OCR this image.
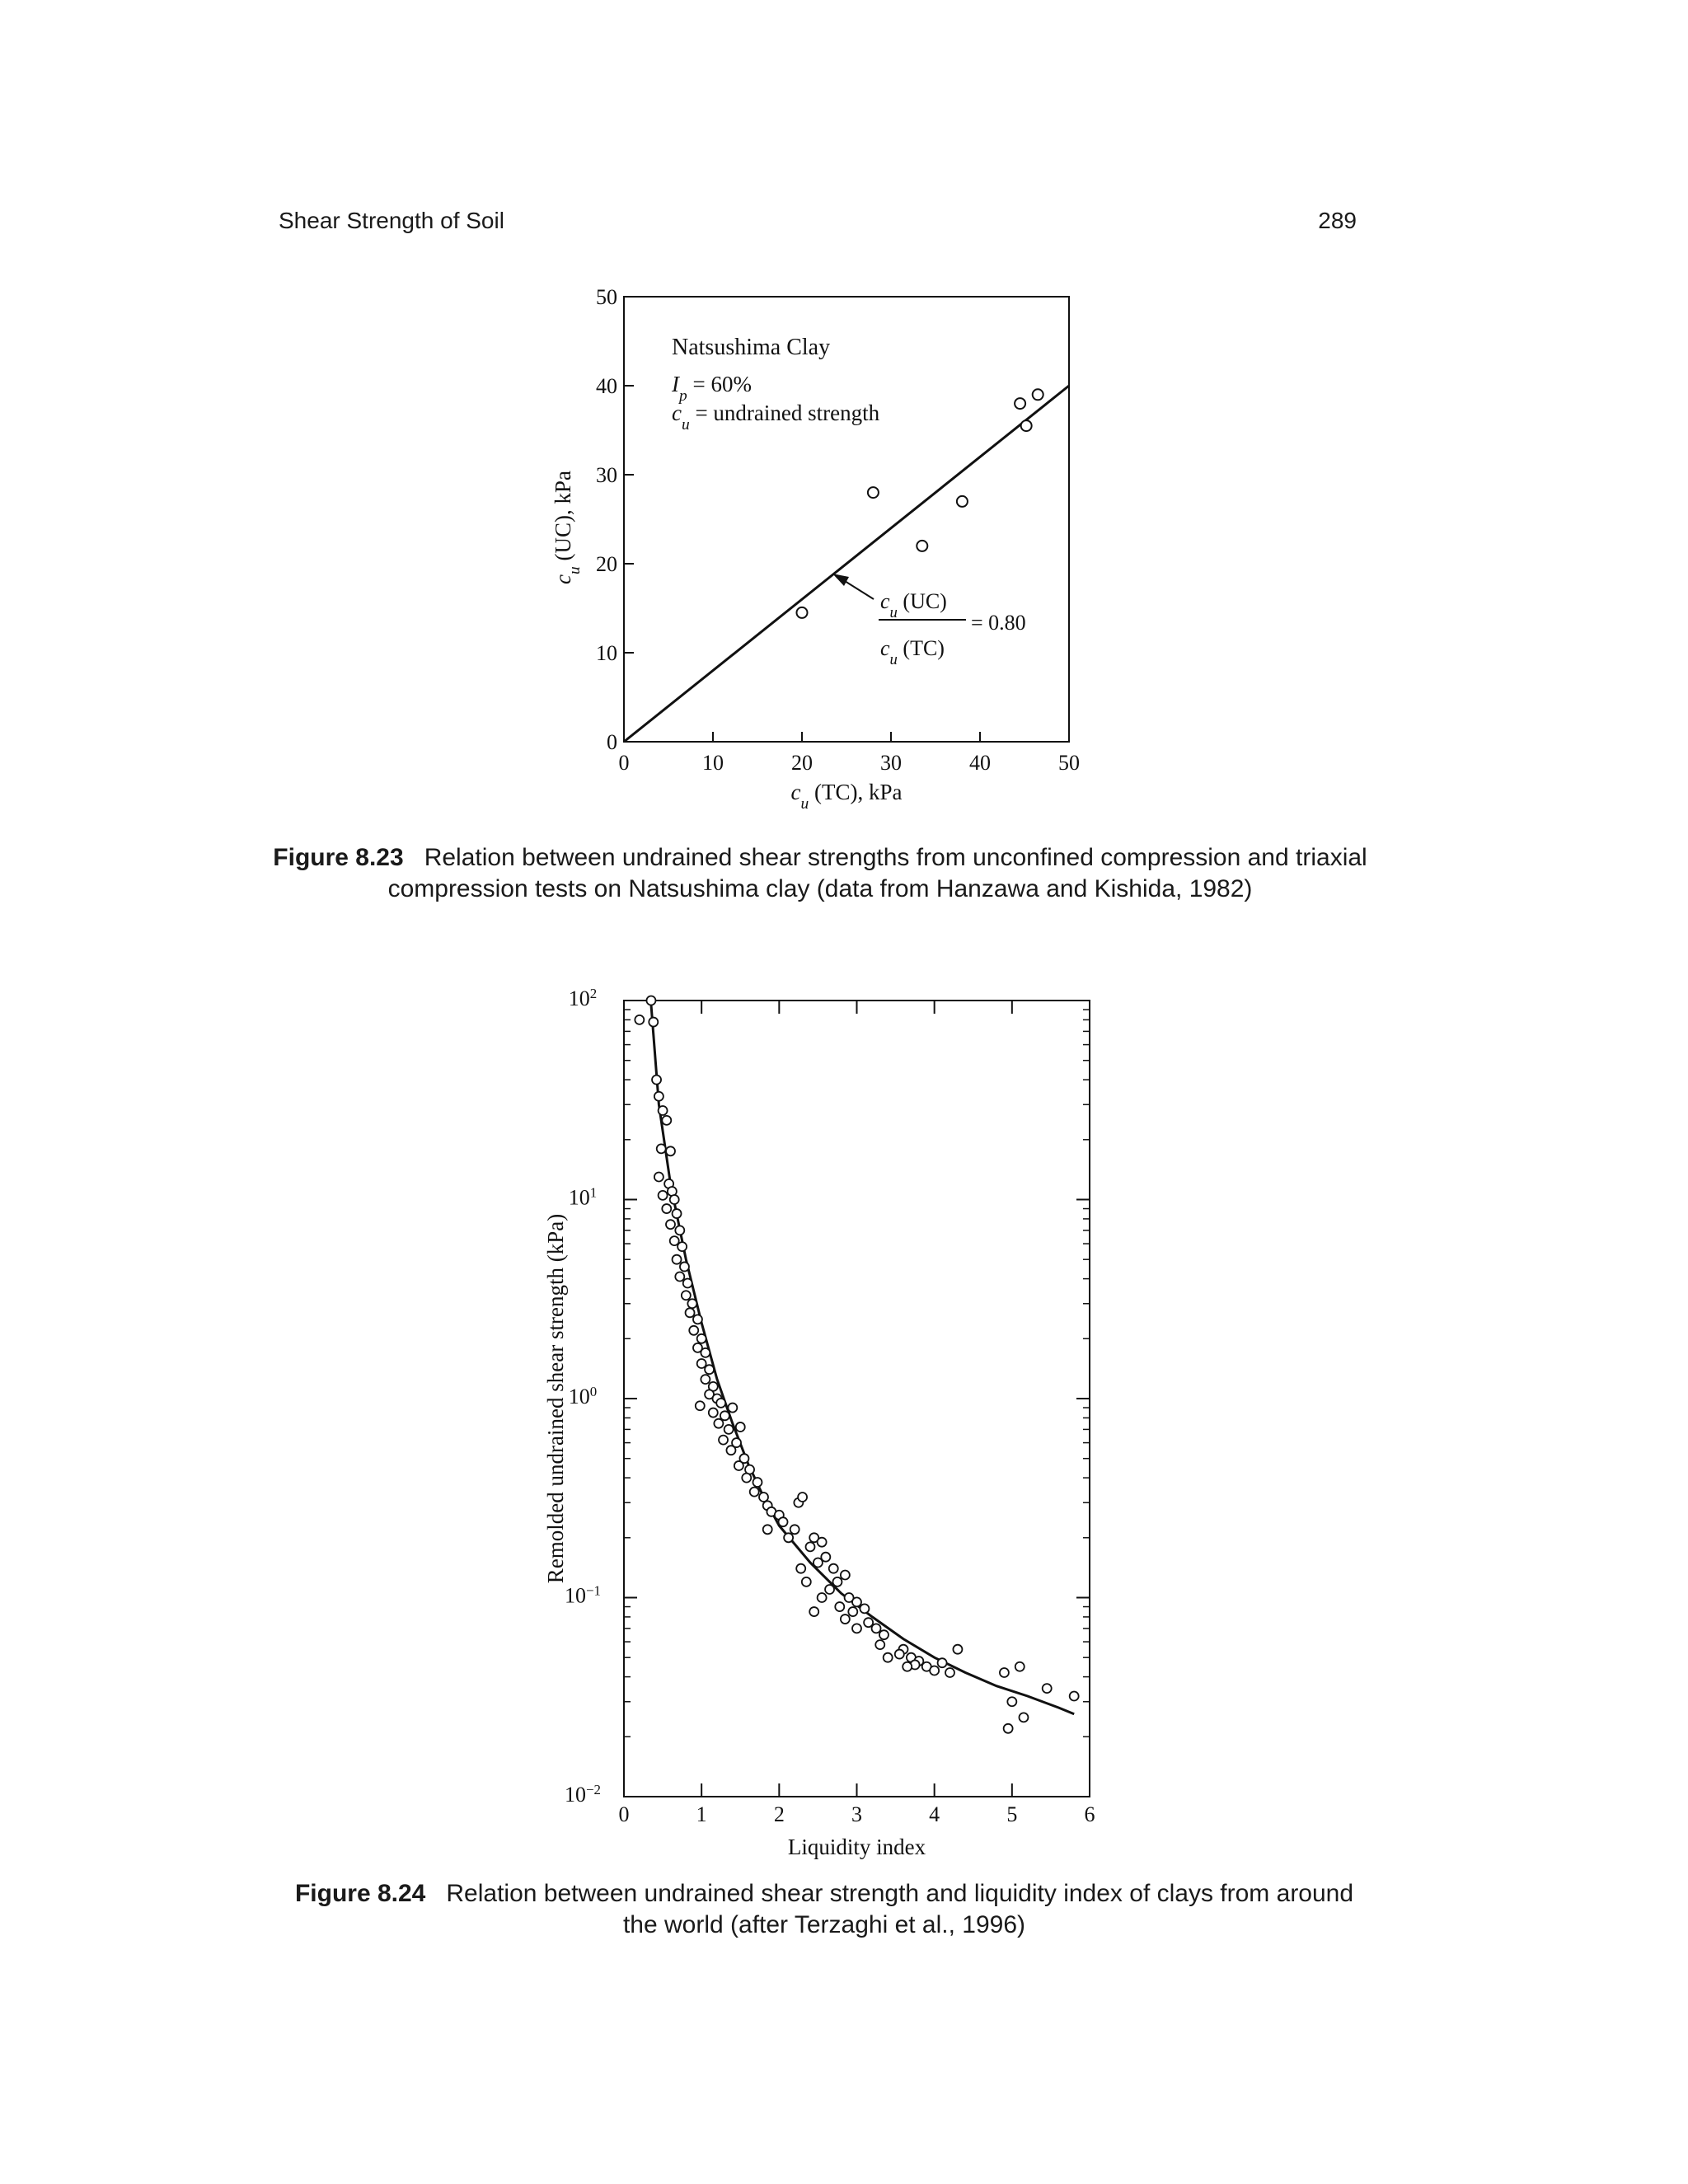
Shear Strength of Soil	289
0	10	20	30	40	50
0
10
20
30
40
50
$c_u$ (TC), kPa
$c_u$ (UC), kPa
Natsushima Clay
$I_p = 60\%$
$c_u$ = undrained strength
$c_u$ (UC)
$c_u$ (TC)
= 0.80
0	1	2	3	4	5	6
$10^{-2}$
$10^{-1}$
$10^0$
$10^1$
$10^2$
Liquidity index
Remolded undrained shear strength (kPa)
Figure 8.23 Relation between undrained shear strengths from unconfined compression and triaxial compression tests on Natsushima clay (data from Hanzawa and Kishida, 1982)
Figure 8.24 Relation between undrained shear strength and liquidity index of clays from around the world (after Terzaghi et al., 1996)
